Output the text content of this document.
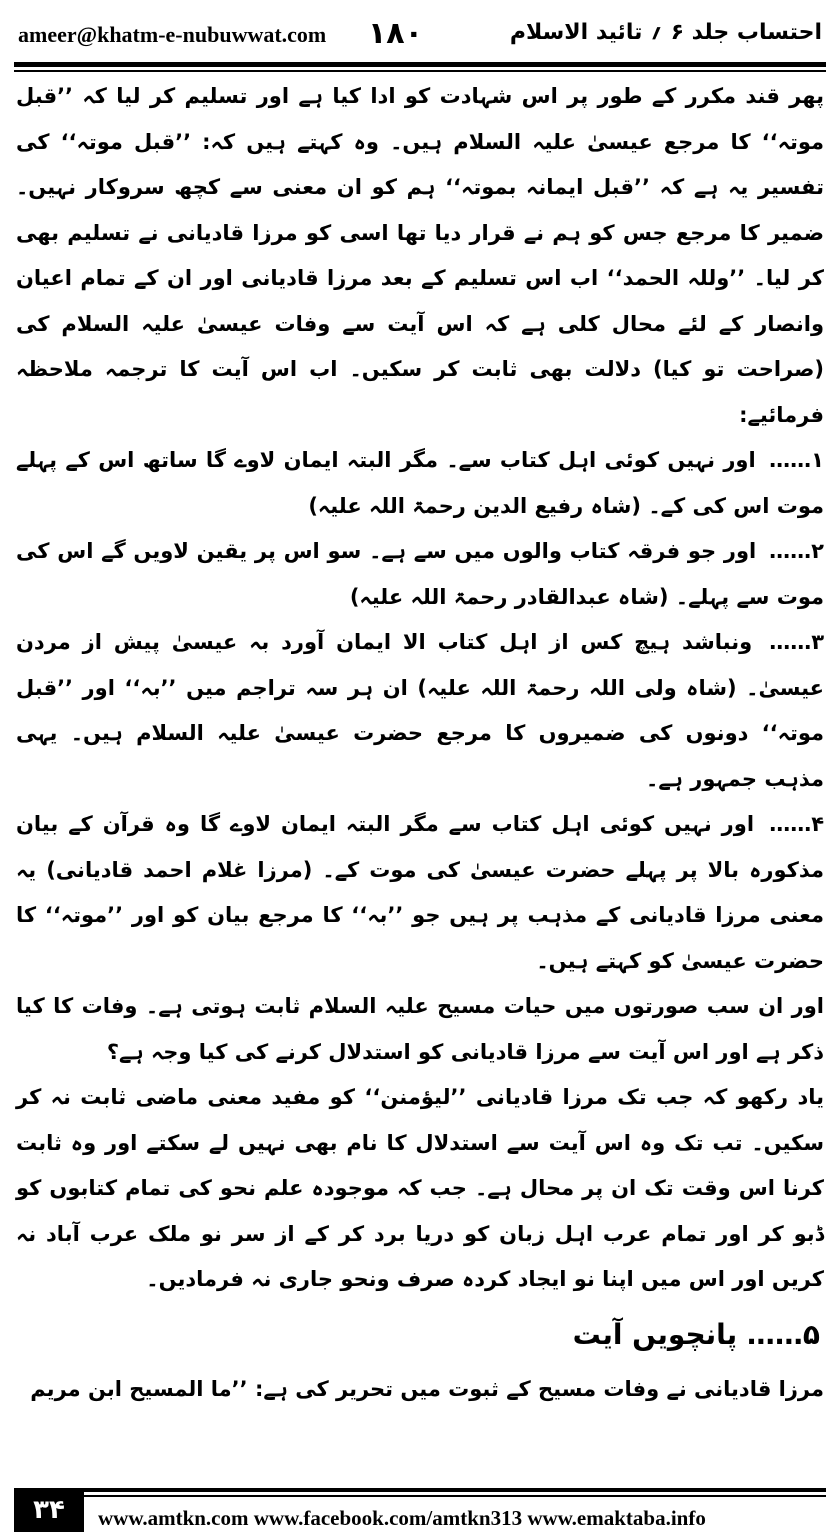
ameer@khatm-e-nubuwwat.com ۱۸۰	احتساب جلد ۶ ؍ تائید الاسلام

پھر قند مکرر کے طور پر اس شہادت کو ادا کیا ہے اور تسلیم کر لیا کہ ’’قبل موتہ‘‘ کا مرجع عیسیٰ علیہ السلام ہیں۔ وہ کہتے ہیں کہ: ’’قبل موتہ‘‘ کی تفسیر یہ ہے کہ ’’قبل ایمانہ بموتہ‘‘ ہم کو ان معنی سے کچھ سروکار نہیں۔ ضمیر کا مرجع جس کو ہم نے قرار دیا تھا اسی کو مرزا قادیانی نے تسلیم بھی کر لیا۔ ’’وللہ الحمد‘‘ اب اس تسلیم کے بعد مرزا قادیانی اور ان کے تمام اعیان وانصار کے لئے محال کلی ہے کہ اس آیت سے وفات عیسیٰ علیہ السلام کی (صراحت تو کیا) دلالت بھی ثابت کر سکیں۔ اب اس آیت کا ترجمہ ملاحظہ فرمائیے:

۱…… اور نہیں کوئی اہل کتاب سے۔ مگر البتہ ایمان لاوے گا ساتھ اس کے پہلے موت اس کی کے۔ (شاہ رفیع الدین رحمۃ اللہ علیہ)

۲…… اور جو فرقہ کتاب والوں میں سے ہے۔ سو اس پر یقین لاویں گے اس کی موت سے پہلے۔ (شاہ عبدالقادر رحمۃ اللہ علیہ)

۳…… ونباشد ہیچ کس از اہل کتاب الا ایمان آورد بہ عیسیٰ پیش از مردن عیسیٰ۔ (شاہ ولی اللہ رحمۃ اللہ علیہ) ان ہر سہ تراجم میں ’’بہ‘‘ اور ’’قبل موتہ‘‘ دونوں کی ضمیروں کا مرجع حضرت عیسیٰ علیہ السلام ہیں۔ یہی مذہب جمہور ہے۔

۴…… اور نہیں کوئی اہل کتاب سے مگر البتہ ایمان لاوے گا وہ قرآن کے بیان مذکورہ بالا پر پہلے حضرت عیسیٰ کی موت کے۔ (مرزا غلام احمد قادیانی) یہ معنی مرزا قادیانی کے مذہب پر ہیں جو ’’بہ‘‘ کا مرجع بیان کو اور ’’موتہ‘‘ کا حضرت عیسیٰ کو کہتے ہیں۔

اور ان سب صورتوں میں حیات مسیح علیہ السلام ثابت ہوتی ہے۔ وفات کا کیا ذکر ہے اور اس آیت سے مرزا قادیانی کو استدلال کرنے کی کیا وجہ ہے؟

یاد رکھو کہ جب تک مرزا قادیانی ’’لیؤمنن‘‘ کو مفید معنی ماضی ثابت نہ کر سکیں۔ تب تک وہ اس آیت سے استدلال کا نام بھی نہیں لے سکتے اور وہ ثابت کرنا اس وقت تک ان پر محال ہے۔ جب کہ موجودہ علم نحو کی تمام کتابوں کو ڈبو کر اور تمام عرب اہل زبان کو دریا برد کر کے از سر نو ملک عرب آباد نہ کریں اور اس میں اپنا نو ایجاد کردہ صرف ونحو جاری نہ فرمادیں۔

۵…… پانچویں آیت

مرزا قادیانی نے وفات مسیح کے ثبوت میں تحریر کی ہے: ’’ما المسیح ابن مریم

۳۴	www.amtkn.com www.facebook.com/amtkn313 www.emaktaba.info
